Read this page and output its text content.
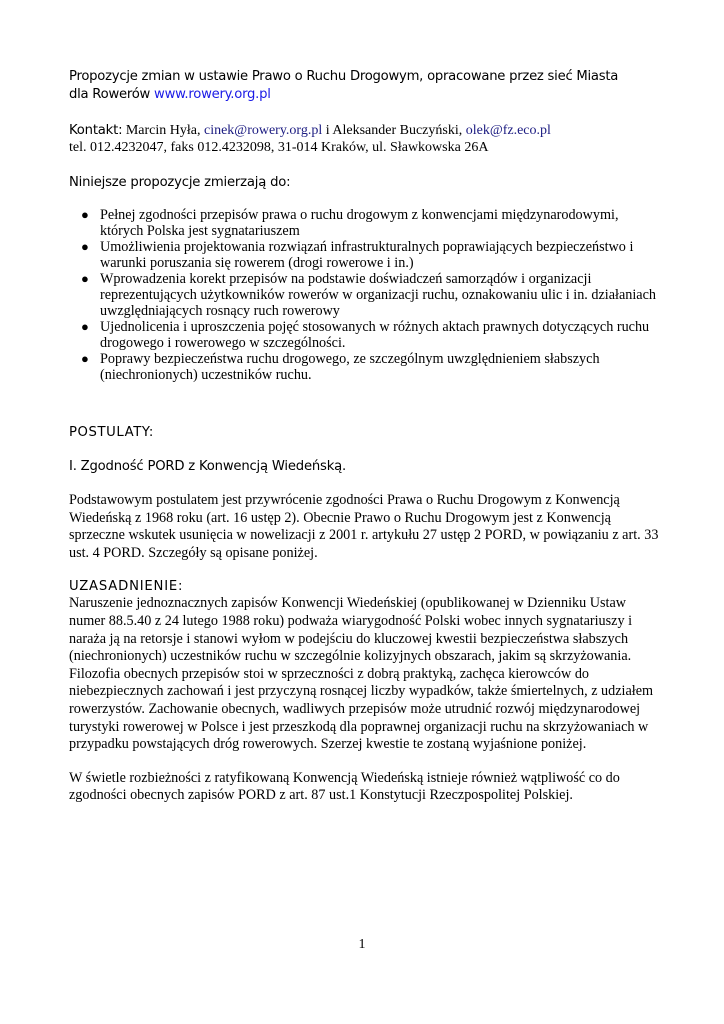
Propozycje zmian w ustawie Prawo o Ruchu Drogowym, opracowane przez sieć Miasta
dla Rowerów www.rowery.org.pl
Kontakt: Marcin Hyła, cinek@rowery.org.pl i Aleksander Buczyński, olek@fz.eco.pl
tel. 012.4232047, faks 012.4232098, 31-014 Kraków, ul. Sławkowska 26A
Niniejsze propozycje zmierzają do:
● Pełnej zgodności przepisów prawa o ruchu drogowym z konwencjami międzynarodowymi, których Polska jest sygnatariuszem
● Umożliwienia projektowania rozwiązań infrastrukturalnych poprawiających bezpieczeństwo i warunki poruszania się rowerem (drogi rowerowe i in.)
● Wprowadzenia korekt przepisów na podstawie doświadczeń samorządów i organizacji reprezentujących użytkowników rowerów w organizacji ruchu, oznakowaniu ulic i in. działaniach uwzględniających rosnący ruch rowerowy
● Ujednolicenia i uproszczenia pojęć stosowanych w różnych aktach prawnych dotyczących ruchu drogowego i rowerowego w szczególności.
● Poprawy bezpieczeństwa ruchu drogowego, ze szczególnym uwzględnieniem słabszych (niechronionych) uczestników ruchu.
POSTULATY:
I. Zgodność PORD z Konwencją Wiedeńską.

Podstawowym postulatem jest przywrócenie zgodności Prawa o Ruchu Drogowym z Konwencją Wiedeńską z 1968 roku (art. 16 ustęp 2). Obecnie Prawo o Ruchu Drogowym jest z Konwencją sprzeczne wskutek usunięcia w nowelizacji z 2001 r. artykułu 27 ustęp 2 PORD, w powiązaniu z art. 33 ust. 4 PORD. Szczegóły są opisane poniżej.

UZASADNIENIE:

Naruszenie jednoznacznych zapisów Konwencji Wiedeńskiej (opublikowanej w Dzienniku Ustaw numer 88.5.40 z 24 lutego 1988 roku) podważa wiarygodność Polski wobec innych sygnatariuszy i naraża ją na retorsje i stanowi wyłom w podejściu do kluczowej kwestii bezpieczeństwa słabszych (niechronionych) uczestników ruchu w szczególnie kolizyjnych obszarach, jakim są skrzyżowania. Filozofia obecnych przepisów stoi w sprzeczności z dobrą praktyką, zachęca kierowców do niebezpiecznych zachowań i jest przyczyną rosnącej liczby wypadków, także śmiertelnych, z udziałem rowerzystów. Zachowanie obecnych, wadliwych przepisów może utrudnić rozwój międzynarodowej turystyki rowerowej w Polsce i jest przeszkodą dla poprawnej organizacji ruchu na skrzyżowaniach w przypadku powstających dróg rowerowych. Szerzej kwestie te zostaną wyjaśnione poniżej.

W świetle rozbieżności z ratyfikowaną Konwencją Wiedeńską istnieje również wątpliwość co do zgodności obecnych zapisów PORD z art. 87 ust.1 Konstytucji Rzeczpospolitej Polskiej.

1
